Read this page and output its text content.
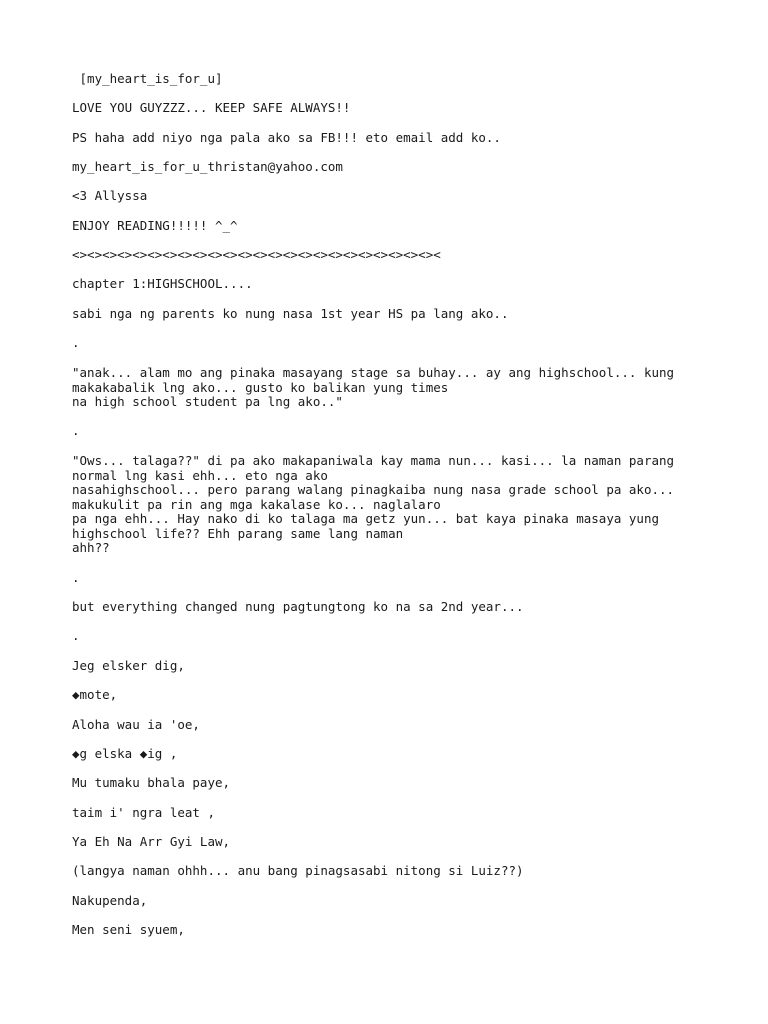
[my_heart_is_for_u]
LOVE YOU GUYZZZ... KEEP SAFE ALWAYS!!
PS haha add niyo nga pala ako sa FB!!! eto email add ko..
my_heart_is_for_u_thristan@yahoo.com
<3 Allyssa
ENJOY READING!!!!! ^_^
<><><><><><><><><><><><><><><><><><><><><><><><><
chapter 1:HIGHSCHOOL....
sabi nga ng parents ko nung nasa 1st year HS pa lang ako..
.
"anak... alam mo ang pinaka masayang stage sa buhay... ay ang highschool... kung
makakabalik lng ako... gusto ko balikan yung times
na high school student pa lng ako.."
.
"Ows... talaga??" di pa ako makapaniwala kay mama nun... kasi... la naman parang
normal lng kasi ehh... eto nga ako
nasahighschool... pero parang walang pinagkaiba nung nasa grade school pa ako...
makukulit pa rin ang mga kakalase ko... naglalaro
pa nga ehh... Hay nako di ko talaga ma getz yun... bat kaya pinaka masaya yung
highschool life?? Ehh parang same lang naman
ahh??
.
but everything changed nung pagtungtong ko na sa 2nd year...
.
Jeg elsker dig,
◆mote,
Aloha wau ia 'oe,
◆g elska ◆ig ,
Mu tumaku bhala paye,
taim i' ngra leat ,
Ya Eh Na Arr Gyi Law,
(langya naman ohhh... anu bang pinagsasabi nitong si Luiz??)
Nakupenda,
Men seni syuem,
